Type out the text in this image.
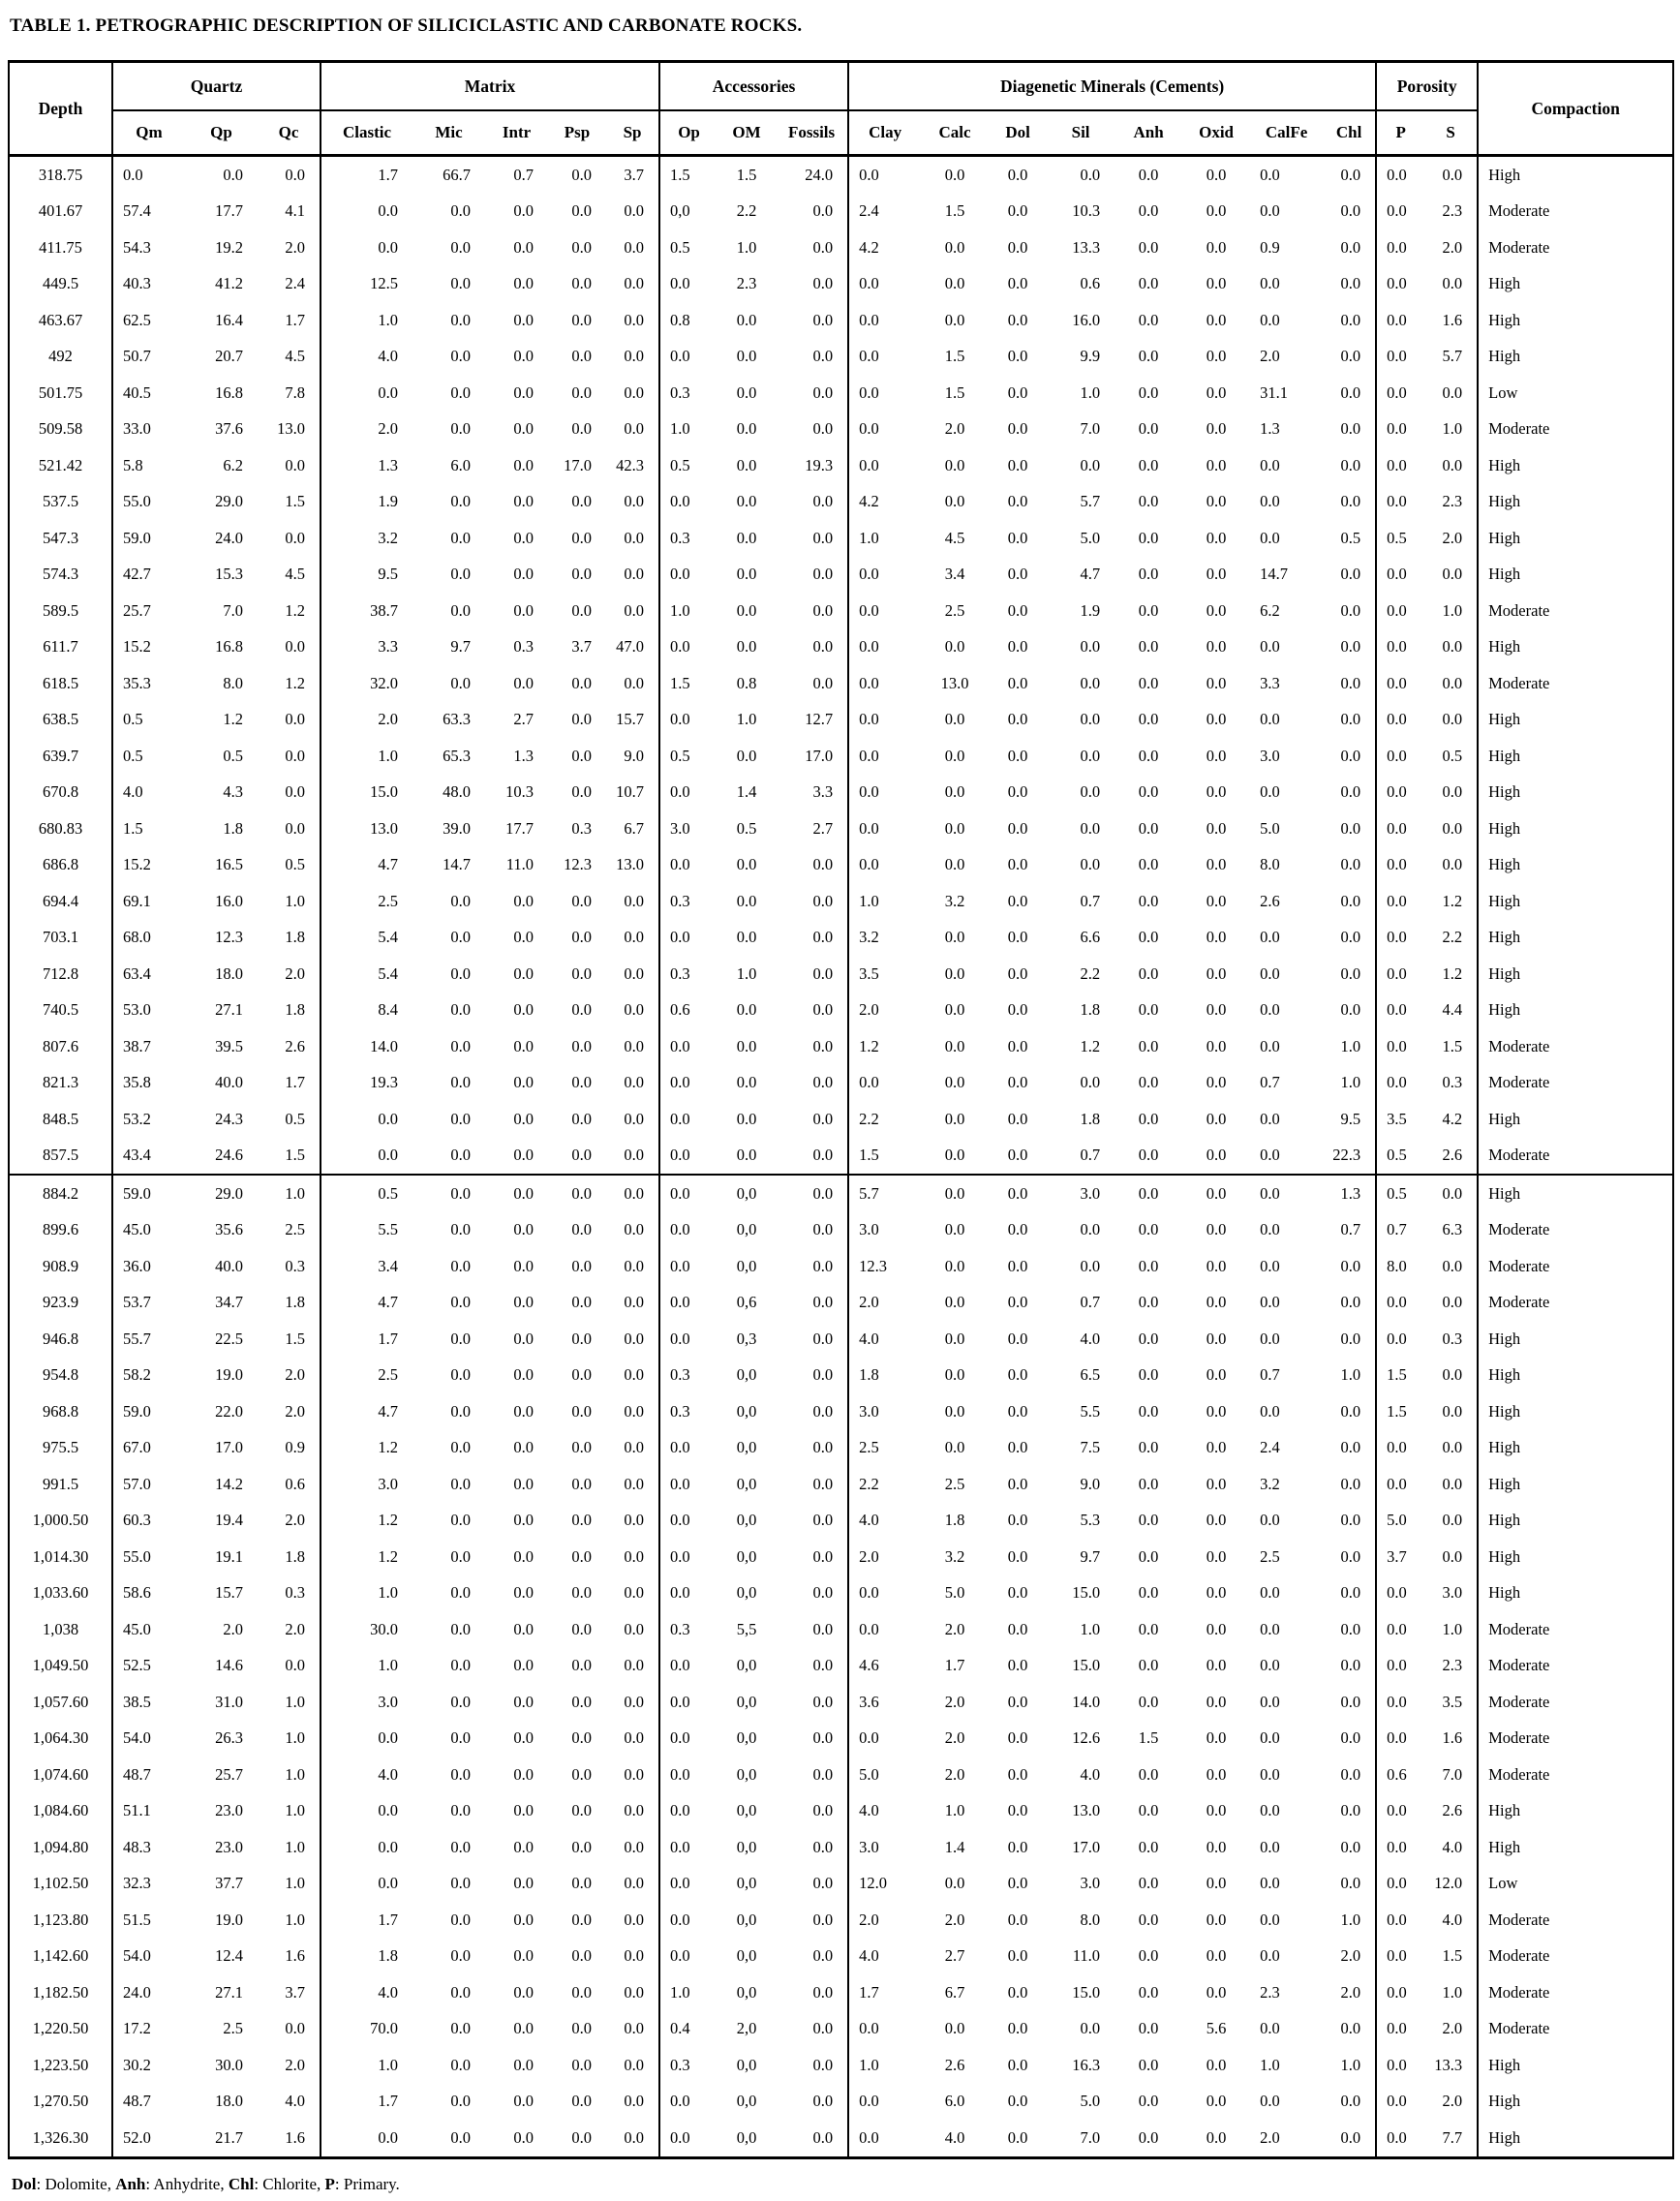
TABLE 1. PETROGRAPHIC DESCRIPTION OF SILICICLASTIC AND CARBONATE ROCKS.
Depth	Quartz			Matrix					Accessories			Diagenetic Minerals (Cements)								Porosity		Compaction
	Qm	Qp	Qc	Clastic	Mic	Intr	Psp	Sp	Op	OM	Fossils	Clay	Calc	Dol	Sil	Anh	Oxid	CalFe	Chl	P	S	
318.75	0.0	0.0	0.0	1.7	66.7	0.7	0.0	3.7	1.5	1.5	24.0	0.0	0.0	0.0	0.0	0.0	0.0	0.0	0.0	0.0	0.0	High
401.67	57.4	17.7	4.1	0.0	0.0	0.0	0.0	0.0	0,0	2.2	0.0	2.4	1.5	0.0	10.3	0.0	0.0	0.0	0.0	0.0	2.3	Moderate
411.75	54.3	19.2	2.0	0.0	0.0	0.0	0.0	0.0	0.5	1.0	0.0	4.2	0.0	0.0	13.3	0.0	0.0	0.9	0.0	0.0	2.0	Moderate
449.5	40.3	41.2	2.4	12.5	0.0	0.0	0.0	0.0	0.0	2.3	0.0	0.0	0.0	0.0	0.6	0.0	0.0	0.0	0.0	0.0	0.0	High
463.67	62.5	16.4	1.7	1.0	0.0	0.0	0.0	0.0	0.8	0.0	0.0	0.0	0.0	0.0	16.0	0.0	0.0	0.0	0.0	0.0	1.6	High
492	50.7	20.7	4.5	4.0	0.0	0.0	0.0	0.0	0.0	0.0	0.0	0.0	1.5	0.0	9.9	0.0	0.0	2.0	0.0	0.0	5.7	High
501.75	40.5	16.8	7.8	0.0	0.0	0.0	0.0	0.0	0.3	0.0	0.0	0.0	1.5	0.0	1.0	0.0	0.0	31.1	0.0	0.0	0.0	Low
509.58	33.0	37.6	13.0	2.0	0.0	0.0	0.0	0.0	1.0	0.0	0.0	0.0	2.0	0.0	7.0	0.0	0.0	1.3	0.0	0.0	1.0	Moderate
521.42	5.8	6.2	0.0	1.3	6.0	0.0	17.0	42.3	0.5	0.0	19.3	0.0	0.0	0.0	0.0	0.0	0.0	0.0	0.0	0.0	0.0	High
537.5	55.0	29.0	1.5	1.9	0.0	0.0	0.0	0.0	0.0	0.0	0.0	4.2	0.0	0.0	5.7	0.0	0.0	0.0	0.0	0.0	2.3	High
547.3	59.0	24.0	0.0	3.2	0.0	0.0	0.0	0.0	0.3	0.0	0.0	1.0	4.5	0.0	5.0	0.0	0.0	0.0	0.5	0.5	2.0	High
574.3	42.7	15.3	4.5	9.5	0.0	0.0	0.0	0.0	0.0	0.0	0.0	0.0	3.4	0.0	4.7	0.0	0.0	14.7	0.0	0.0	0.0	High
589.5	25.7	7.0	1.2	38.7	0.0	0.0	0.0	0.0	1.0	0.0	0.0	0.0	2.5	0.0	1.9	0.0	0.0	6.2	0.0	0.0	1.0	Moderate
611.7	15.2	16.8	0.0	3.3	9.7	0.3	3.7	47.0	0.0	0.0	0.0	0.0	0.0	0.0	0.0	0.0	0.0	0.0	0.0	0.0	0.0	High
618.5	35.3	8.0	1.2	32.0	0.0	0.0	0.0	0.0	1.5	0.8	0.0	0.0	13.0	0.0	0.0	0.0	0.0	3.3	0.0	0.0	0.0	Moderate
638.5	0.5	1.2	0.0	2.0	63.3	2.7	0.0	15.7	0.0	1.0	12.7	0.0	0.0	0.0	0.0	0.0	0.0	0.0	0.0	0.0	0.0	High
639.7	0.5	0.5	0.0	1.0	65.3	1.3	0.0	9.0	0.5	0.0	17.0	0.0	0.0	0.0	0.0	0.0	0.0	3.0	0.0	0.0	0.5	High
670.8	4.0	4.3	0.0	15.0	48.0	10.3	0.0	10.7	0.0	1.4	3.3	0.0	0.0	0.0	0.0	0.0	0.0	0.0	0.0	0.0	0.0	High
680.83	1.5	1.8	0.0	13.0	39.0	17.7	0.3	6.7	3.0	0.5	2.7	0.0	0.0	0.0	0.0	0.0	0.0	5.0	0.0	0.0	0.0	High
686.8	15.2	16.5	0.5	4.7	14.7	11.0	12.3	13.0	0.0	0.0	0.0	0.0	0.0	0.0	0.0	0.0	0.0	8.0	0.0	0.0	0.0	High
694.4	69.1	16.0	1.0	2.5	0.0	0.0	0.0	0.0	0.3	0.0	0.0	1.0	3.2	0.0	0.7	0.0	0.0	2.6	0.0	0.0	1.2	High
703.1	68.0	12.3	1.8	5.4	0.0	0.0	0.0	0.0	0.0	0.0	0.0	3.2	0.0	0.0	6.6	0.0	0.0	0.0	0.0	0.0	2.2	High
712.8	63.4	18.0	2.0	5.4	0.0	0.0	0.0	0.0	0.3	1.0	0.0	3.5	0.0	0.0	2.2	0.0	0.0	0.0	0.0	0.0	1.2	High
740.5	53.0	27.1	1.8	8.4	0.0	0.0	0.0	0.0	0.6	0.0	0.0	2.0	0.0	0.0	1.8	0.0	0.0	0.0	0.0	0.0	4.4	High
807.6	38.7	39.5	2.6	14.0	0.0	0.0	0.0	0.0	0.0	0.0	0.0	1.2	0.0	0.0	1.2	0.0	0.0	0.0	1.0	0.0	1.5	Moderate
821.3	35.8	40.0	1.7	19.3	0.0	0.0	0.0	0.0	0.0	0.0	0.0	0.0	0.0	0.0	0.0	0.0	0.0	0.7	1.0	0.0	0.3	Moderate
848.5	53.2	24.3	0.5	0.0	0.0	0.0	0.0	0.0	0.0	0.0	0.0	2.2	0.0	0.0	1.8	0.0	0.0	0.0	9.5	3.5	4.2	High
857.5	43.4	24.6	1.5	0.0	0.0	0.0	0.0	0.0	0.0	0.0	0.0	1.5	0.0	0.0	0.7	0.0	0.0	0.0	22.3	0.5	2.6	Moderate
884.2	59.0	29.0	1.0	0.5	0.0	0.0	0.0	0.0	0.0	0,0	0.0	5.7	0.0	0.0	3.0	0.0	0.0	0.0	1.3	0.5	0.0	High
899.6	45.0	35.6	2.5	5.5	0.0	0.0	0.0	0.0	0.0	0,0	0.0	3.0	0.0	0.0	0.0	0.0	0.0	0.0	0.7	0.7	6.3	Moderate
908.9	36.0	40.0	0.3	3.4	0.0	0.0	0.0	0.0	0.0	0,0	0.0	12.3	0.0	0.0	0.0	0.0	0.0	0.0	0.0	8.0	0.0	Moderate
923.9	53.7	34.7	1.8	4.7	0.0	0.0	0.0	0.0	0.0	0,6	0.0	2.0	0.0	0.0	0.7	0.0	0.0	0.0	0.0	0.0	0.0	Moderate
946.8	55.7	22.5	1.5	1.7	0.0	0.0	0.0	0.0	0.0	0,3	0.0	4.0	0.0	0.0	4.0	0.0	0.0	0.0	0.0	0.0	0.3	High
954.8	58.2	19.0	2.0	2.5	0.0	0.0	0.0	0.0	0.3	0,0	0.0	1.8	0.0	0.0	6.5	0.0	0.0	0.7	1.0	1.5	0.0	High
968.8	59.0	22.0	2.0	4.7	0.0	0.0	0.0	0.0	0.3	0,0	0.0	3.0	0.0	0.0	5.5	0.0	0.0	0.0	0.0	1.5	0.0	High
975.5	67.0	17.0	0.9	1.2	0.0	0.0	0.0	0.0	0.0	0,0	0.0	2.5	0.0	0.0	7.5	0.0	0.0	2.4	0.0	0.0	0.0	High
991.5	57.0	14.2	0.6	3.0	0.0	0.0	0.0	0.0	0.0	0,0	0.0	2.2	2.5	0.0	9.0	0.0	0.0	3.2	0.0	0.0	0.0	High
1,000.50	60.3	19.4	2.0	1.2	0.0	0.0	0.0	0.0	0.0	0,0	0.0	4.0	1.8	0.0	5.3	0.0	0.0	0.0	0.0	5.0	0.0	High
1,014.30	55.0	19.1	1.8	1.2	0.0	0.0	0.0	0.0	0.0	0,0	0.0	2.0	3.2	0.0	9.7	0.0	0.0	2.5	0.0	3.7	0.0	High
1,033.60	58.6	15.7	0.3	1.0	0.0	0.0	0.0	0.0	0.0	0,0	0.0	0.0	5.0	0.0	15.0	0.0	0.0	0.0	0.0	0.0	3.0	High
1,038	45.0	2.0	2.0	30.0	0.0	0.0	0.0	0.0	0.3	5,5	0.0	0.0	2.0	0.0	1.0	0.0	0.0	0.0	0.0	0.0	1.0	Moderate
1,049.50	52.5	14.6	0.0	1.0	0.0	0.0	0.0	0.0	0.0	0,0	0.0	4.6	1.7	0.0	15.0	0.0	0.0	0.0	0.0	0.0	2.3	Moderate
1,057.60	38.5	31.0	1.0	3.0	0.0	0.0	0.0	0.0	0.0	0,0	0.0	3.6	2.0	0.0	14.0	0.0	0.0	0.0	0.0	0.0	3.5	Moderate
1,064.30	54.0	26.3	1.0	0.0	0.0	0.0	0.0	0.0	0.0	0,0	0.0	0.0	2.0	0.0	12.6	1.5	0.0	0.0	0.0	0.0	1.6	Moderate
1,074.60	48.7	25.7	1.0	4.0	0.0	0.0	0.0	0.0	0.0	0,0	0.0	5.0	2.0	0.0	4.0	0.0	0.0	0.0	0.0	0.6	7.0	Moderate
1,084.60	51.1	23.0	1.0	0.0	0.0	0.0	0.0	0.0	0.0	0,0	0.0	4.0	1.0	0.0	13.0	0.0	0.0	0.0	0.0	0.0	2.6	High
1,094.80	48.3	23.0	1.0	0.0	0.0	0.0	0.0	0.0	0.0	0,0	0.0	3.0	1.4	0.0	17.0	0.0	0.0	0.0	0.0	0.0	4.0	High
1,102.50	32.3	37.7	1.0	0.0	0.0	0.0	0.0	0.0	0.0	0,0	0.0	12.0	0.0	0.0	3.0	0.0	0.0	0.0	0.0	0.0	12.0	Low
1,123.80	51.5	19.0	1.0	1.7	0.0	0.0	0.0	0.0	0.0	0,0	0.0	2.0	2.0	0.0	8.0	0.0	0.0	0.0	1.0	0.0	4.0	Moderate
1,142.60	54.0	12.4	1.6	1.8	0.0	0.0	0.0	0.0	0.0	0,0	0.0	4.0	2.7	0.0	11.0	0.0	0.0	0.0	2.0	0.0	1.5	Moderate
1,182.50	24.0	27.1	3.7	4.0	0.0	0.0	0.0	0.0	1.0	0,0	0.0	1.7	6.7	0.0	15.0	0.0	0.0	2.3	2.0	0.0	1.0	Moderate
1,220.50	17.2	2.5	0.0	70.0	0.0	0.0	0.0	0.0	0.4	2,0	0.0	0.0	0.0	0.0	0.0	0.0	5.6	0.0	0.0	0.0	2.0	Moderate
1,223.50	30.2	30.0	2.0	1.0	0.0	0.0	0.0	0.0	0.3	0,0	0.0	1.0	2.6	0.0	16.3	0.0	0.0	1.0	1.0	0.0	13.3	High
1,270.50	48.7	18.0	4.0	1.7	0.0	0.0	0.0	0.0	0.0	0,0	0.0	0.0	6.0	0.0	5.0	0.0	0.0	0.0	0.0	0.0	2.0	High
1,326.30	52.0	21.7	1.6	0.0	0.0	0.0	0.0	0.0	0.0	0,0	0.0	0.0	4.0	0.0	7.0	0.0	0.0	2.0	0.0	0.0	7.7	High
Dol: Dolomite, Anh: Anhydrite, Chl: Chlorite, P: Primary.
